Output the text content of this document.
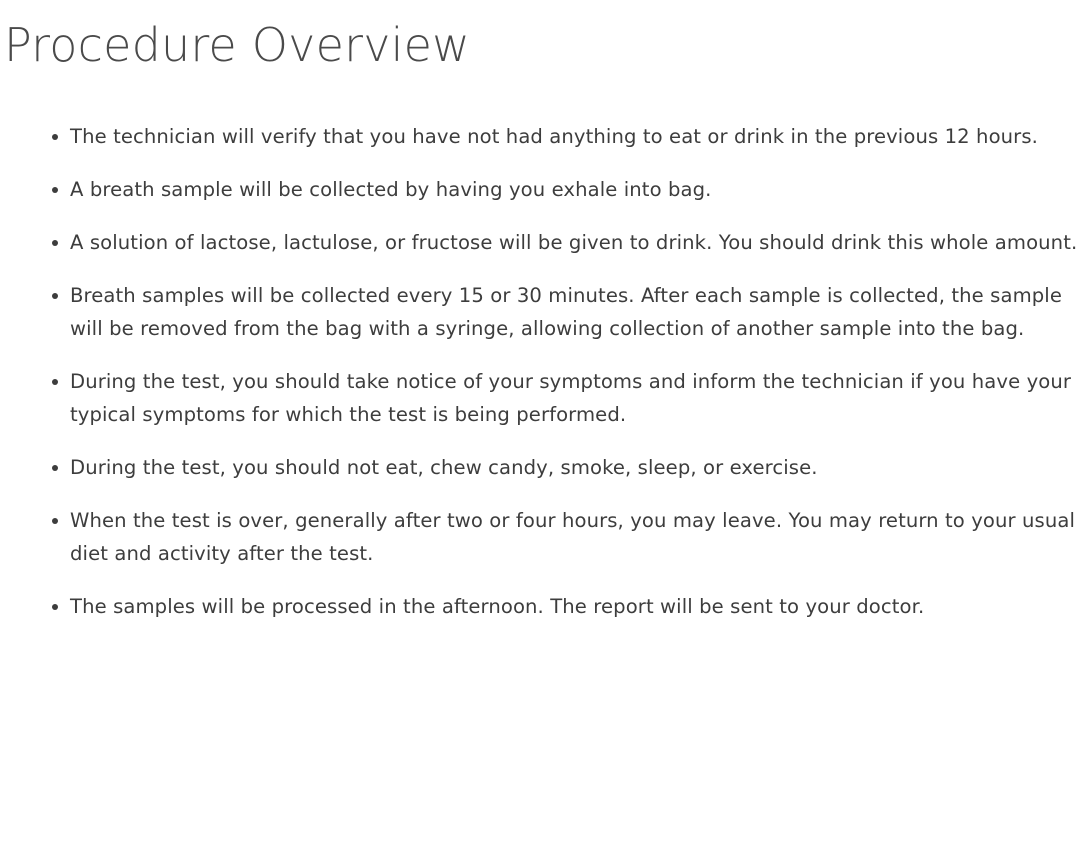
Procedure Overview
The technician will verify that you have not had anything to eat or drink in the previous 12 hours.
A breath sample will be collected by having you exhale into bag.
A solution of lactose, lactulose, or fructose will be given to drink. You should drink this whole amount.
Breath samples will be collected every 15 or 30 minutes. After each sample is collected, the sample will be removed from the bag with a syringe, allowing collection of another sample into the bag.
During the test, you should take notice of your symptoms and inform the technician if you have your typical symptoms for which the test is being performed.
During the test, you should not eat, chew candy, smoke, sleep, or exercise.
When the test is over, generally after two or four hours, you may leave. You may return to your usual diet and activity after the test.
The samples will be processed in the afternoon. The report will be sent to your doctor.
